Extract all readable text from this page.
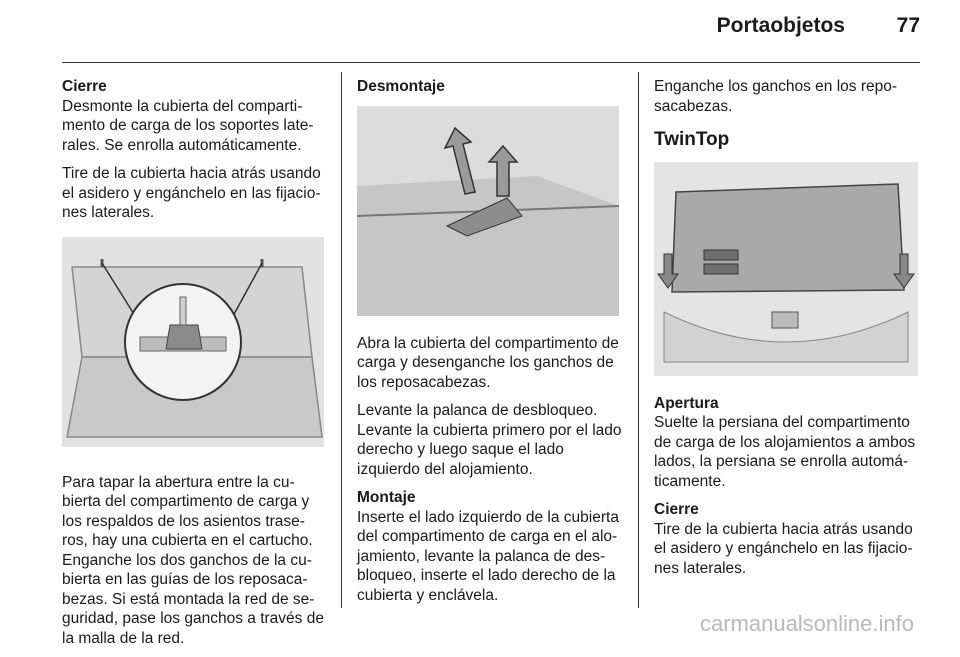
Portaobjetos 77

Cierre
Desmonte la cubierta del comparti- mento de carga de los soportes late- rales. Se enrolla automáticamente.

Tire de la cubierta hacia atrás usando el asidero y engánchelo en las fijacio- nes laterales.

Para tapar la abertura entre la cu- bierta del compartimento de carga y los respaldos de los asientos trase- ros, hay una cubierta en el cartucho. Enganche los dos ganchos de la cu- bierta en las guías de los reposaca- bezas. Si está montada la red de se- guridad, pase los ganchos a través de la malla de la red.

Desmontaje

Abra la cubierta del compartimento de carga y desenganche los ganchos de los reposacabezas.

Levante la palanca de desbloqueo. Levante la cubierta primero por el lado derecho y luego saque el lado izquierdo del alojamiento.

Montaje
Inserte el lado izquierdo de la cubierta del compartimento de carga en el alo- jamiento, levante la palanca de des- bloqueo, inserte el lado derecho de la cubierta y enclávela.

Enganche los ganchos en los repo- sacabezas.

TwinTop

Apertura
Suelte la persiana del compartimento de carga de los alojamientos a ambos lados, la persiana se enrolla automá- ticamente.

Cierre
Tire de la cubierta hacia atrás usando el asidero y engánchelo en las fijacio- nes laterales.

carmanualsonline.info
